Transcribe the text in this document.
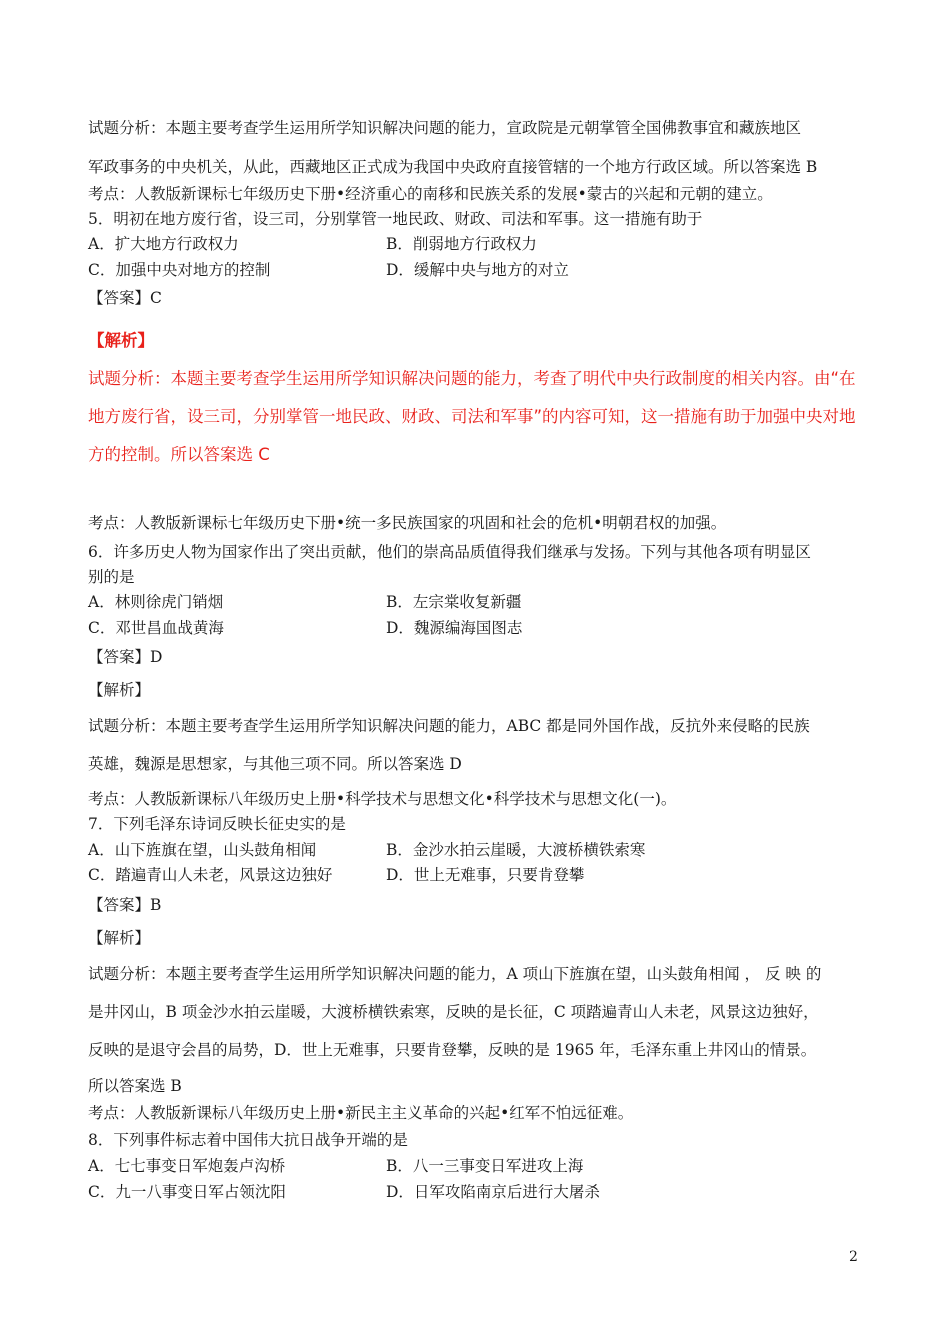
试题分析：本题主要考查学生运用所学知识解决问题的能力，宣政院是元朝掌管全国佛教事宜和藏族地区
军政事务的中央机关，从此，西藏地区正式成为我国中央政府直接管辖的一个地方行政区域。所以答案选 B
考点：人教版新课标七年级历史下册•经济重心的南移和民族关系的发展•蒙古的兴起和元朝的建立。
5．明初在地方废行省，设三司，分别掌管一地民政、财政、司法和军事。这一措施有助于
A．扩大地方行政权力	B．削弱地方行政权力
C．加强中央对地方的控制	D．缓解中央与地方的对立
【答案】C
【解析】
试题分析：本题主要考查学生运用所学知识解决问题的能力，考查了明代中央行政制度的相关内容。由“在
地方废行省，设三司，分别掌管一地民政、财政、司法和军事”的内容可知，这一措施有助于加强中央对地
方的控制。所以答案选 C
考点：人教版新课标七年级历史下册•统一多民族国家的巩固和社会的危机•明朝君权的加强。
6．许多历史人物为国家作出了突出贡献，他们的崇高品质值得我们继承与发扬。下列与其他各项有明显区
别的是
A．林则徐虎门销烟	B．左宗棠收复新疆
C．邓世昌血战黄海	D．魏源编海国图志
【答案】D
【解析】
试题分析：本题主要考查学生运用所学知识解决问题的能力，ABC 都是同外国作战，反抗外来侵略的民族
英雄，魏源是思想家，与其他三项不同。所以答案选 D
考点：人教版新课标八年级历史上册•科学技术与思想文化•科学技术与思想文化(一)。
7．下列毛泽东诗词反映长征史实的是
A．山下旌旗在望，山头鼓角相闻	B．金沙水拍云崖暖，大渡桥横铁索寒
C．踏遍青山人未老，风景这边独好	D．世上无难事，只要肯登攀
【答案】B
【解析】
试题分析：本题主要考查学生运用所学知识解决问题的能力，A 项山下旌旗在望，山头鼓角相闻 ， 反 映 的
是井冈山，B 项金沙水拍云崖暖，大渡桥横铁索寒，反映的是长征，C 项踏遍青山人未老，风景这边独好，
反映的是退守会昌的局势，D．世上无难事，只要肯登攀，反映的是 1965 年，毛泽东重上井冈山的情景。
所以答案选 B
考点：人教版新课标八年级历史上册•新民主主义革命的兴起•红军不怕远征难。
8．下列事件标志着中国伟大抗日战争开端的是
A．七七事变日军炮轰卢沟桥	B．八一三事变日军进攻上海
C．九一八事变日军占领沈阳	D．日军攻陷南京后进行大屠杀
2
